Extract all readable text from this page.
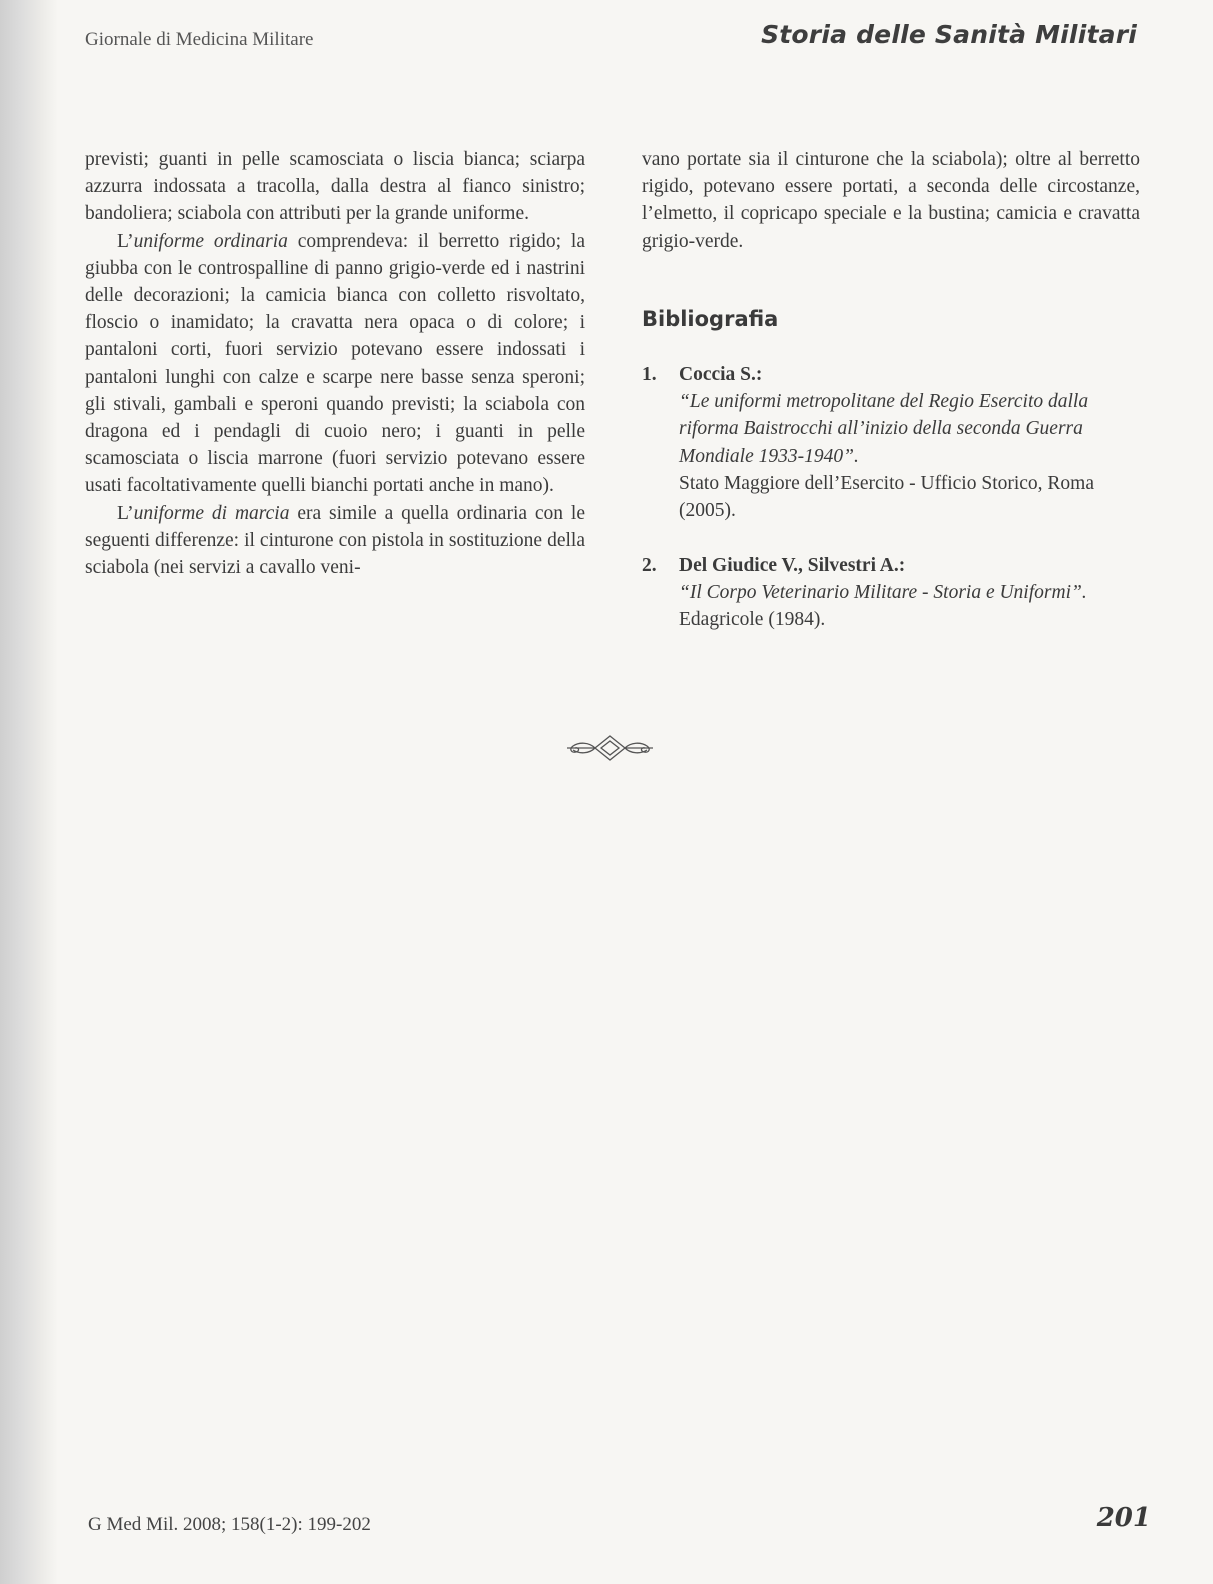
Giornale di Medicina Militare	Storia delle Sanità Militari

previsti; guanti in pelle scamosciata o liscia bianca; sciarpa azzurra indossata a tracolla, dalla destra al fianco sinistro; bandoliera; sciabola con attributi per la grande uniforme.

L’uniforme ordinaria comprendeva: il berretto rigido; la giubba con le controspalline di panno grigio-verde ed i nastrini delle decorazioni; la camicia bianca con colletto risvoltato, floscio o inamidato; la cravatta nera opaca o di colore; i pantaloni corti, fuori servizio potevano essere indossati i pantaloni lunghi con calze e scarpe nere basse senza speroni; gli stivali, gambali e speroni quando previsti; la sciabola con dragona ed i pendagli di cuoio nero; i guanti in pelle scamosciata o liscia marrone (fuori servizio potevano essere usati facoltativamente quelli bianchi portati anche in mano).

L’uniforme di marcia era simile a quella ordinaria con le seguenti differenze: il cinturone con pistola in sostituzione della sciabola (nei servizi a cavallo veni-

vano portate sia il cinturone che la sciabola); oltre al berretto rigido, potevano essere portati, a seconda delle circostanze, l’elmetto, il copricapo speciale e la bustina; camicia e cravatta grigio-verde.

Bibliografia
1.	Coccia S.:
“Le uniformi metropolitane del Regio Esercito dalla riforma Baistrocchi all’inizio della seconda Guerra Mondiale 1933-1940”.
Stato Maggiore dell’Esercito - Ufficio Storico, Roma (2005).
2.	Del Giudice V., Silvestri A.:
“Il Corpo Veterinario Militare - Storia e Uniformi”.
Edagricole (1984).
G Med Mil. 2008; 158(1-2): 199-202	201
